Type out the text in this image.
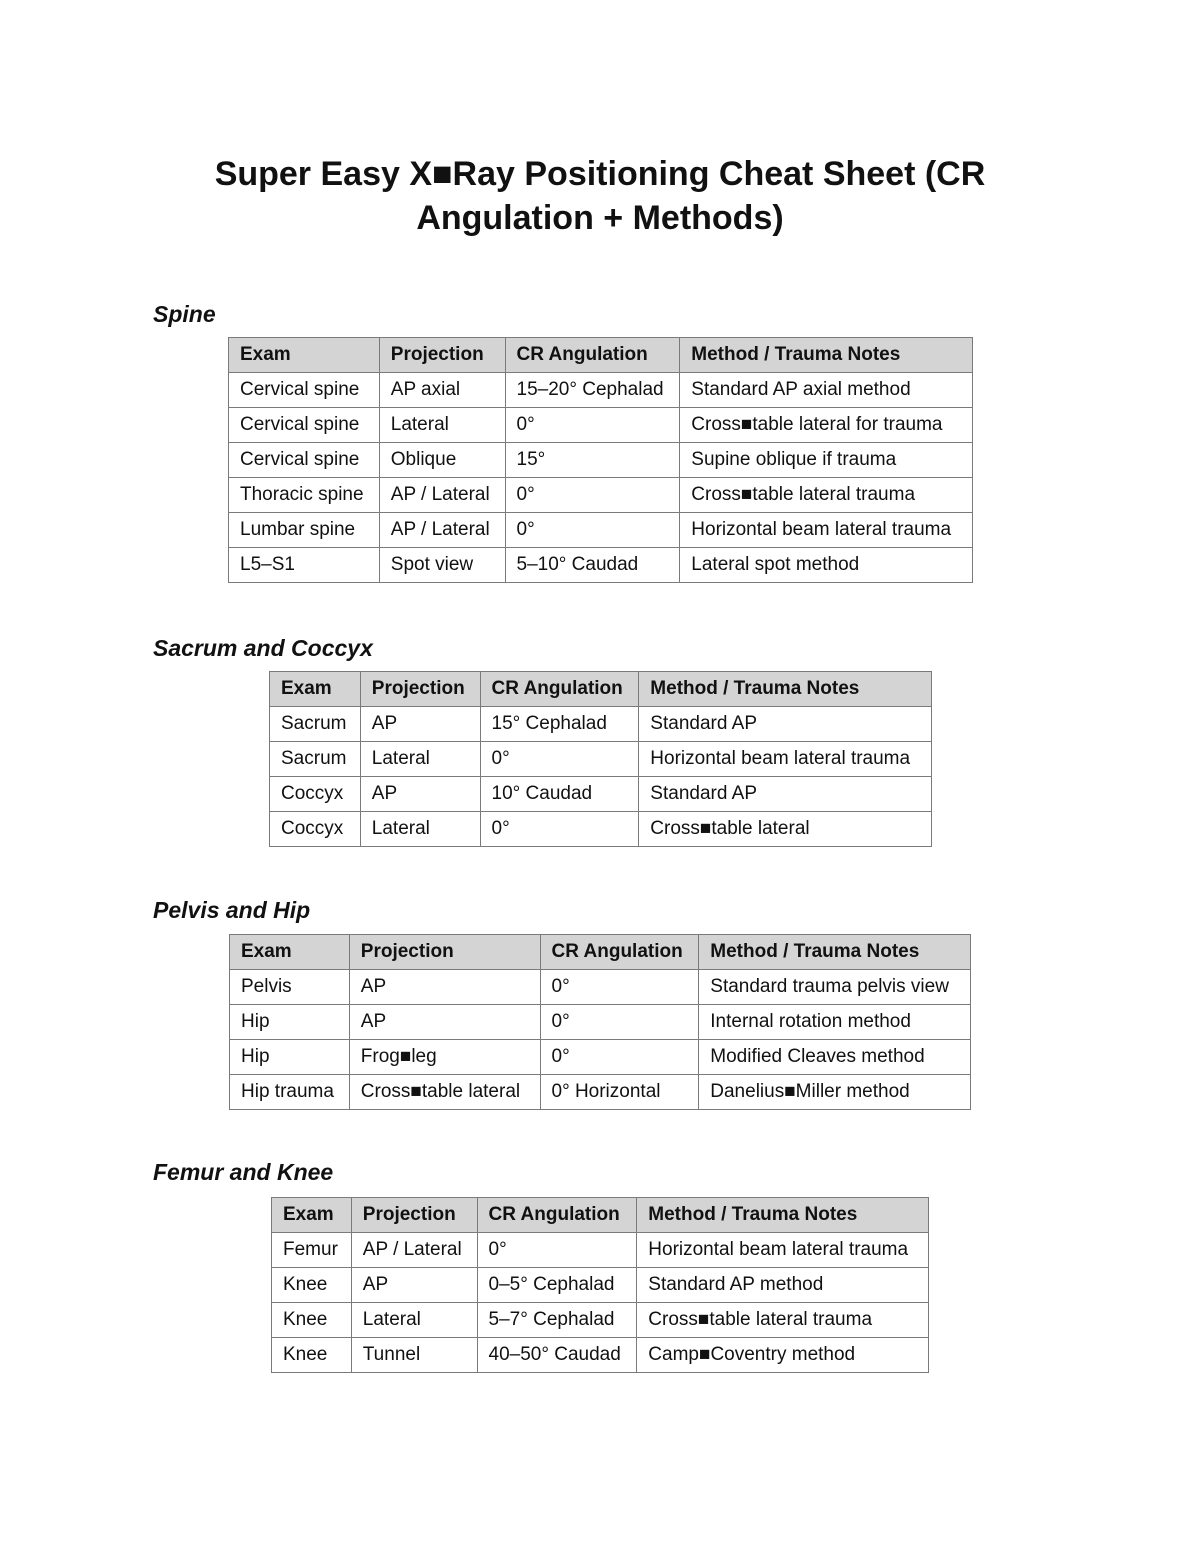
Super Easy X■Ray Positioning Cheat Sheet (CR Angulation + Methods)
Spine
Exam	Projection	CR Angulation	Method / Trauma Notes
Cervical spine	AP axial	15–20° Cephalad	Standard AP axial method
Cervical spine	Lateral	0°	Cross■table lateral for trauma
Cervical spine	Oblique	15°	Supine oblique if trauma
Thoracic spine	AP / Lateral	0°	Cross■table lateral trauma
Lumbar spine	AP / Lateral	0°	Horizontal beam lateral trauma
L5–S1	Spot view	5–10° Caudad	Lateral spot method
Sacrum and Coccyx
Exam	Projection	CR Angulation	Method / Trauma Notes
Sacrum	AP	15° Cephalad	Standard AP
Sacrum	Lateral	0°	Horizontal beam lateral trauma
Coccyx	AP	10° Caudad	Standard AP
Coccyx	Lateral	0°	Cross■table lateral
Pelvis and Hip
Exam	Projection	CR Angulation	Method / Trauma Notes
Pelvis	AP	0°	Standard trauma pelvis view
Hip	AP	0°	Internal rotation method
Hip	Frog■leg	0°	Modified Cleaves method
Hip trauma	Cross■table lateral	0° Horizontal	Danelius■Miller method
Femur and Knee
Exam	Projection	CR Angulation	Method / Trauma Notes
Femur	AP / Lateral	0°	Horizontal beam lateral trauma
Knee	AP	0–5° Cephalad	Standard AP method
Knee	Lateral	5–7° Cephalad	Cross■table lateral trauma
Knee	Tunnel	40–50° Caudad	Camp■Coventry method
